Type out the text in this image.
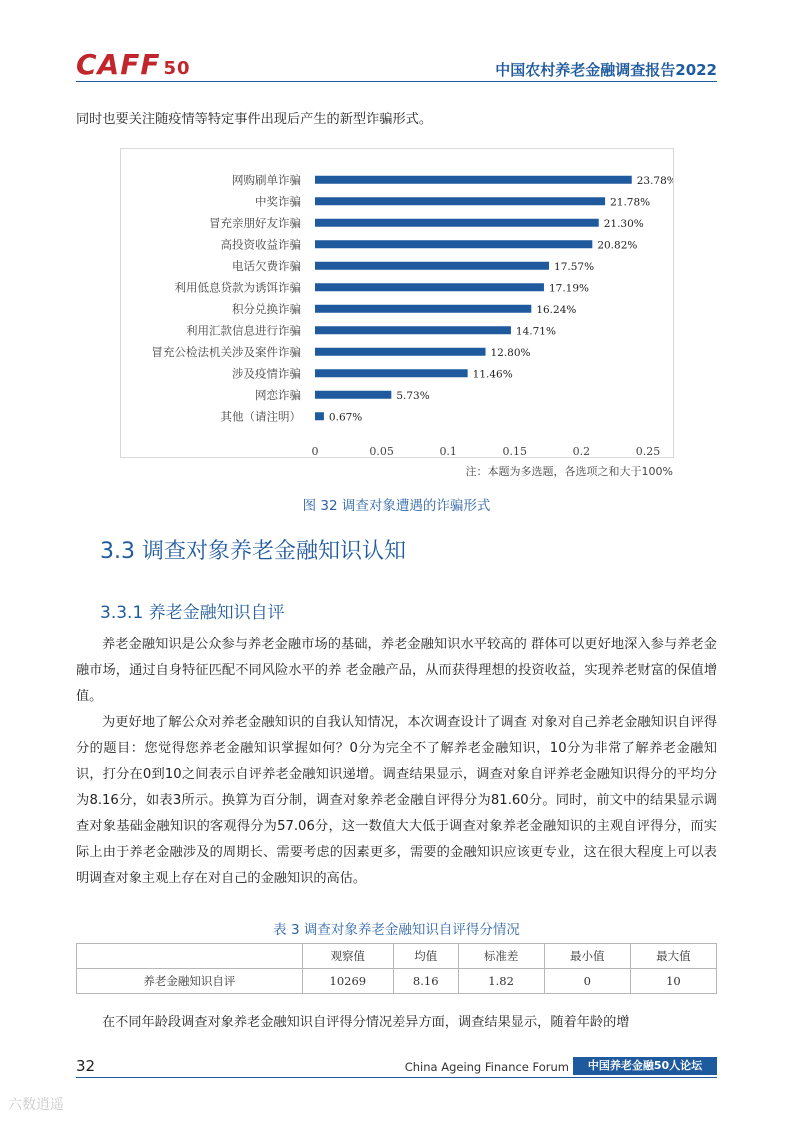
CAFF 50	中国农村养老金融调查报告2022

同时也要关注随疫情等特定事件出现后产生的新型诈骗形式。

网购刷单诈骗	23.78%
中奖诈骗	21.78%
冒充亲朋好友诈骗	21.30%
高投资收益诈骗	20.82%
电话欠费诈骗	17.57%
利用低息贷款为诱饵诈骗	17.19%
积分兑换诈骗	16.24%
利用汇款信息进行诈骗	14.71%
冒充公检法机关涉及案件诈骗	12.80%
涉及疫情诈骗	11.46%
网恋诈骗	5.73%
其他（请注明）	0.67%
0	0.05	0.1	0.15	0.2	0.25
注：本题为多选题，各选项之和大于100%
图 32 调查对象遭遇的诈骗形式
3.3 调查对象养老金融知识认知
3.3.1 养老金融知识自评

养老金融知识是公众参与养老金融市场的基础，养老金融知识水平较高的 群体可以更好地深入参与养老金融市场，通过自身特征匹配不同风险水平的养 老金融产品，从而获得理想的投资收益，实现养老财富的保值增值。

为更好地了解公众对养老金融知识的自我认知情况，本次调查设计了调查 对象对自己养老金融知识自评得分的题目：您觉得您养老金融知识掌握如何？0分为完全不了解养老金融知识，10分为非常了解养老金融知识，打分在0到10之间表示自评养老金融知识递增。调查结果显示，调查对象自评养老金融知识得分的平均分为8.16分，如表3所示。换算为百分制，调查对象养老金融自评得分为81.60分。同时，前文中的结果显示调查对象基础金融知识的客观得分为57.06分，这一数值大大低于调查对象养老金融知识的主观自评得分，而实际上由于养老金融涉及的周期长、需要考虑的因素更多，需要的金融知识应该更专业，这在很大程度上可以表明调查对象主观上存在对自己的金融知识的高估。

表 3 调查对象养老金融知识自评得分情况
	观察值	均值	标准差	最小值	最大值
养老金融知识自评	10269	8.16	1.82	0	10

在不同年龄段调查对象养老金融知识自评得分情况差异方面，调查结果显示，随着年龄的增

32	China Ageing Finance Forum	中国养老金融50人论坛
六数逍遥
